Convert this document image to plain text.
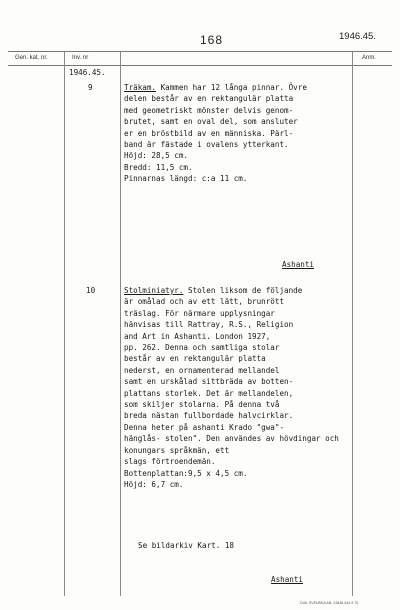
168	1946.45.
Gen. kat. nr.	Inv. nr	Anm.
1946.45.
9	Träkam. Kammen har 12 långa pinnar. Övre
delen består av en rektangulär platta
med geometriskt mönster delvis genom-
brutet, samt en oval del, som ansluter
er en bröstbild av en människa. Pärl-
band är fästade i ovalens ytterkant.
Höjd: 28,5 cm.
Bredd: 11,5 cm.
Pinnarnas längd: c:a 11 cm.
Ashanti
10	Stolminiatyr. Stolen liksom de följande
är omålad och av ett lätt, brunrött
träslag. För närmare upplysningar
hänvisas till Rattray, R.S., Religion
and Art in Ashanti. London 1927,
pp. 262. Denna och samtliga stolar
består av en rektangulär platta
nederst, en ornamenterad mellandel
samt en urskålad sittbräda av botten-
plattans storlek. Det är mellandelen,
som skiljer stolarna. På denna två
breda nästan fullbordade halvcirklar.
Denna heter på ashanti Krado "gwa"-
hänglås- stolen". Den användes av hövdingar och konungars språkmän, ett
slags förtroendemän.
Bottenplattan:9,5 x 4,5 cm.
Höjd: 6,7 cm.
Se bildarkiv Kart. 18
Ashanti
DIAL SVENSKA AB. 24848 444 9 75
